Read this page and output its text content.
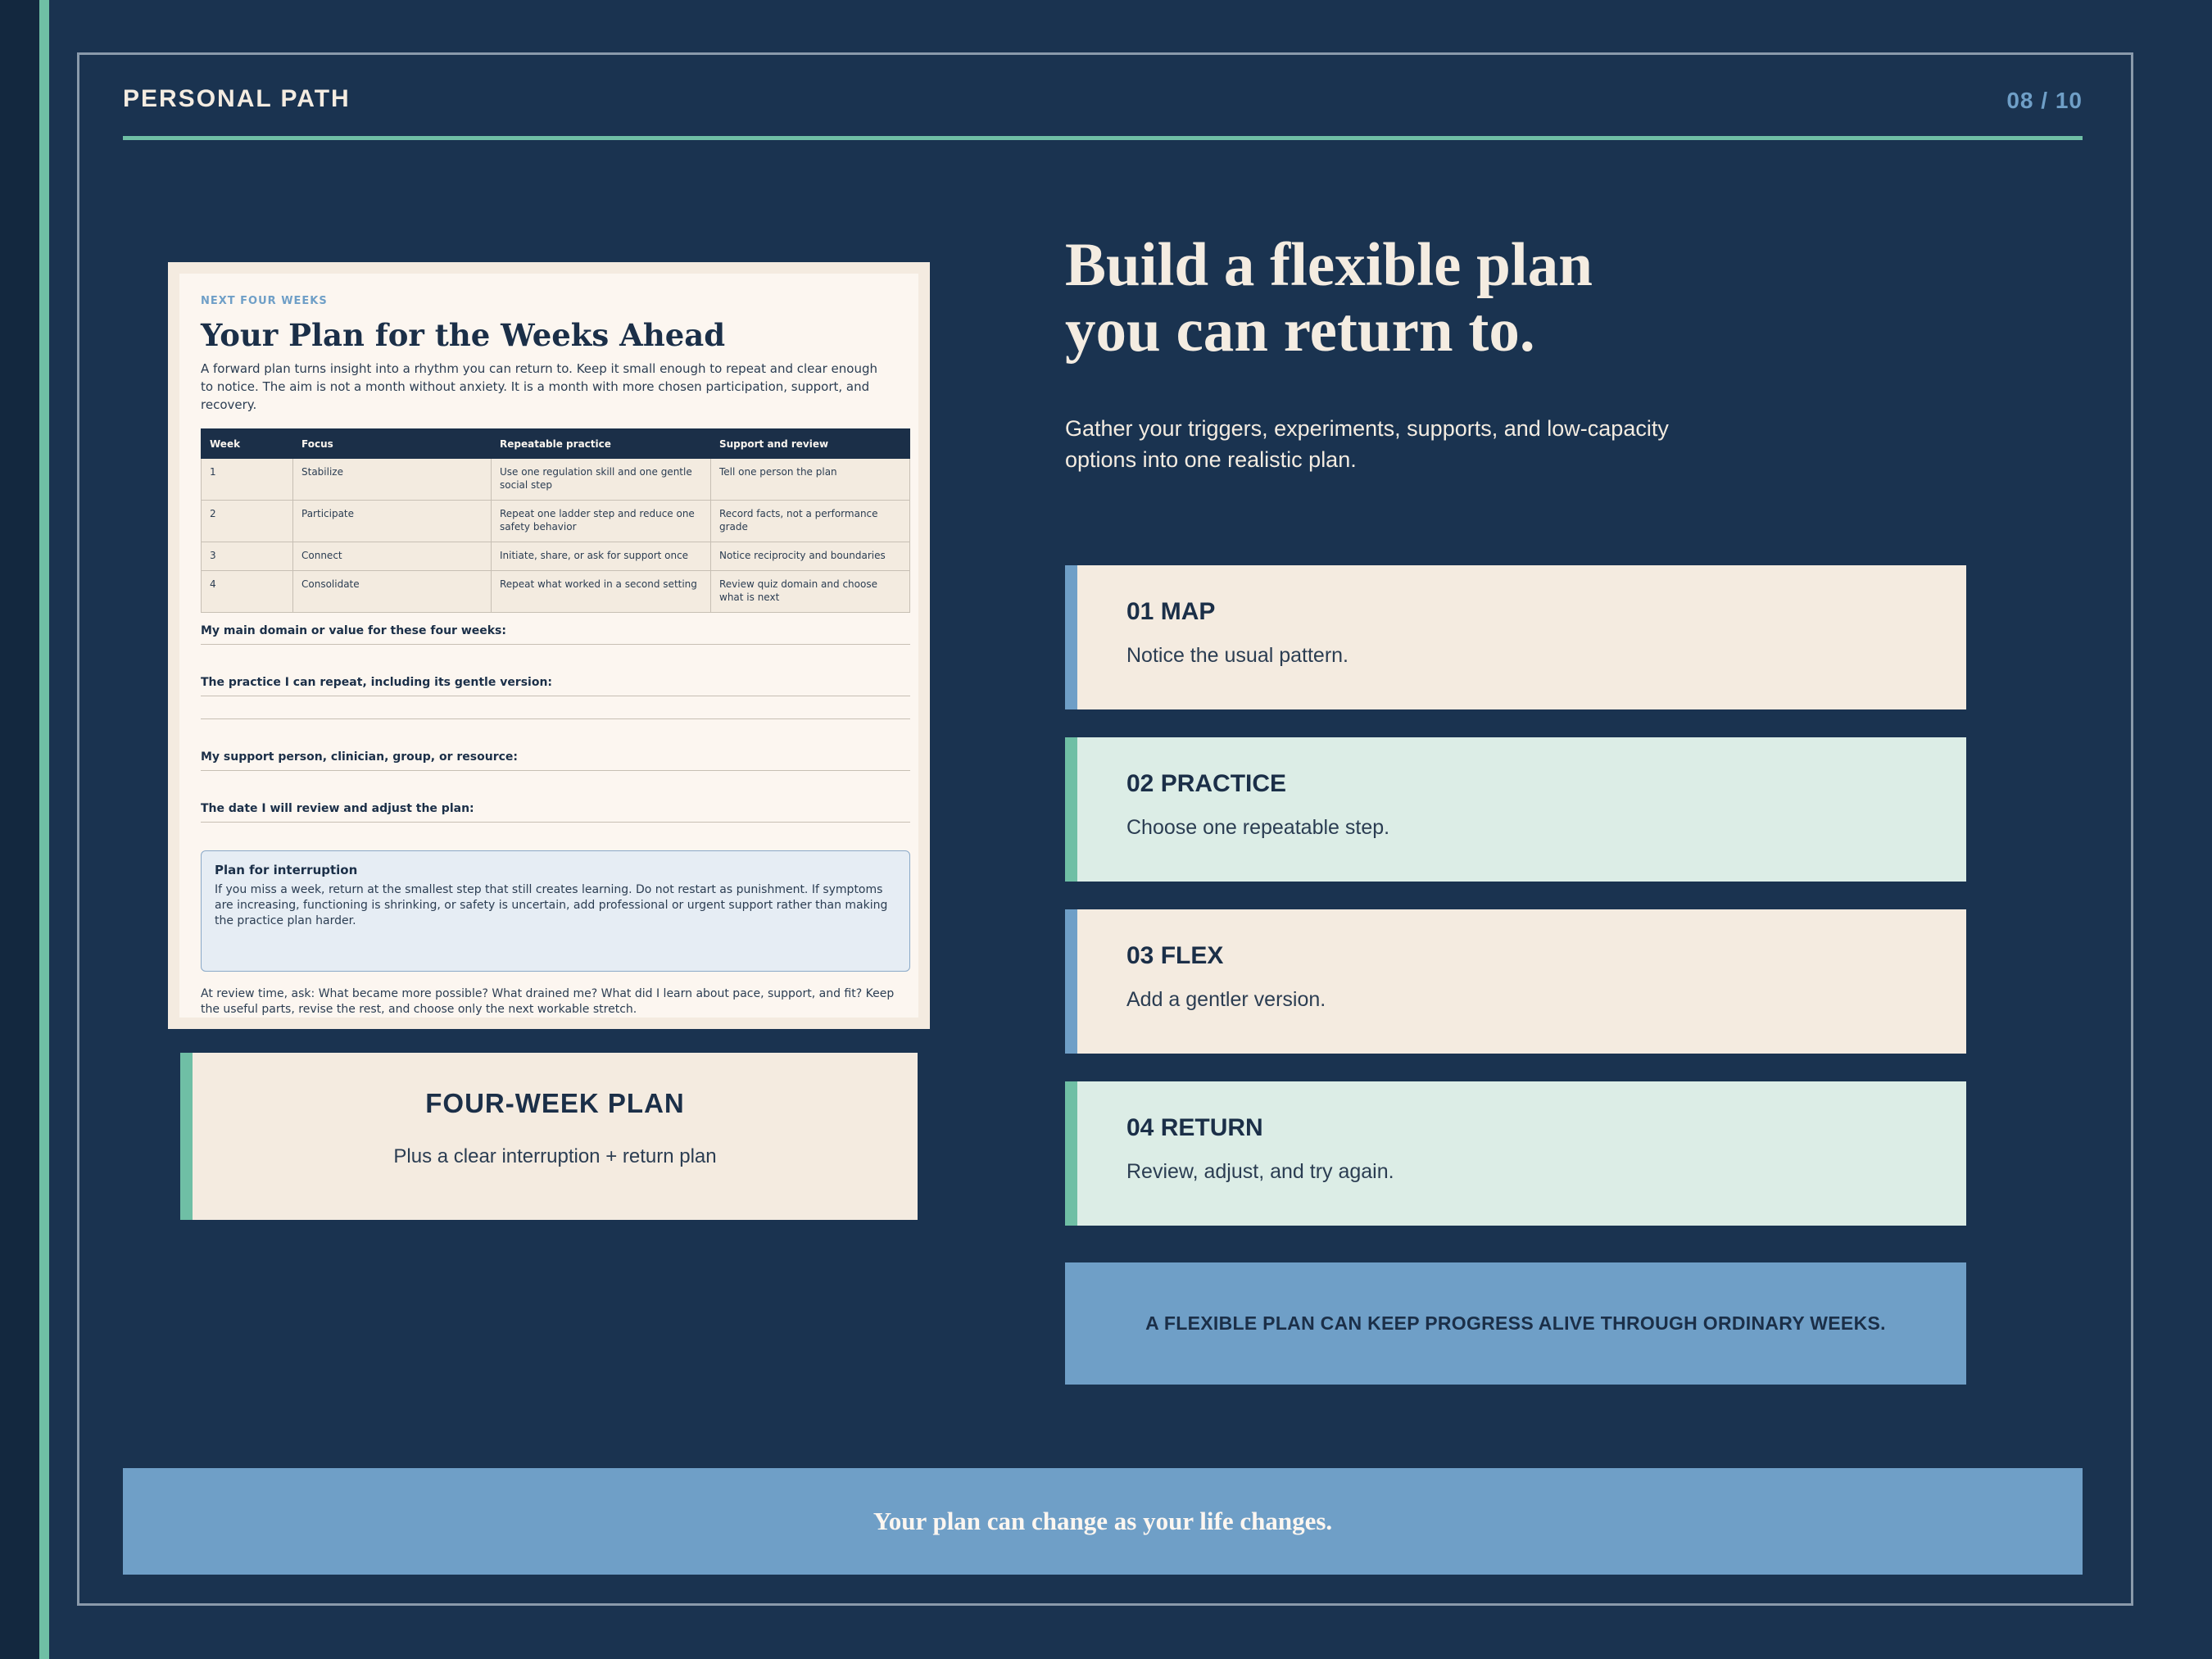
PERSONAL PATH	08 / 10
NEXT FOUR WEEKS
Your Plan for the Weeks Ahead
A forward plan turns insight into a rhythm you can return to. Keep it small enough to repeat and clear enough to notice. The aim is not a month without anxiety. It is a month with more chosen participation, support, and recovery.
Week	Focus	Repeatable practice	Support and review
1	Stabilize	Use one regulation skill and one gentle social step	Tell one person the plan
2	Participate	Repeat one ladder step and reduce one safety behavior	Record facts, not a performance grade
3	Connect	Initiate, share, or ask for support once	Notice reciprocity and boundaries
4	Consolidate	Repeat what worked in a second setting	Review quiz domain and choose what is next
My main domain or value for these four weeks:
The practice I can repeat, including its gentle version:
My support person, clinician, group, or resource:
The date I will review and adjust the plan:
Plan for interruption
If you miss a week, return at the smallest step that still creates learning. Do not restart as punishment. If symptoms are increasing, functioning is shrinking, or safety is uncertain, add professional or urgent support rather than making the practice plan harder.
At review time, ask: What became more possible? What drained me? What did I learn about pace, support, and fit? Keep the useful parts, revise the rest, and choose only the next workable stretch.
FOUR-WEEK PLAN
Plus a clear interruption + return plan
Build a flexible plan
you can return to.
Gather your triggers, experiments, supports, and low-capacity options into one realistic plan.
01 MAP
Notice the usual pattern.
02 PRACTICE
Choose one repeatable step.
03 FLEX
Add a gentler version.
04 RETURN
Review, adjust, and try again.
A FLEXIBLE PLAN CAN KEEP PROGRESS ALIVE THROUGH ORDINARY WEEKS.
Your plan can change as your life changes.
